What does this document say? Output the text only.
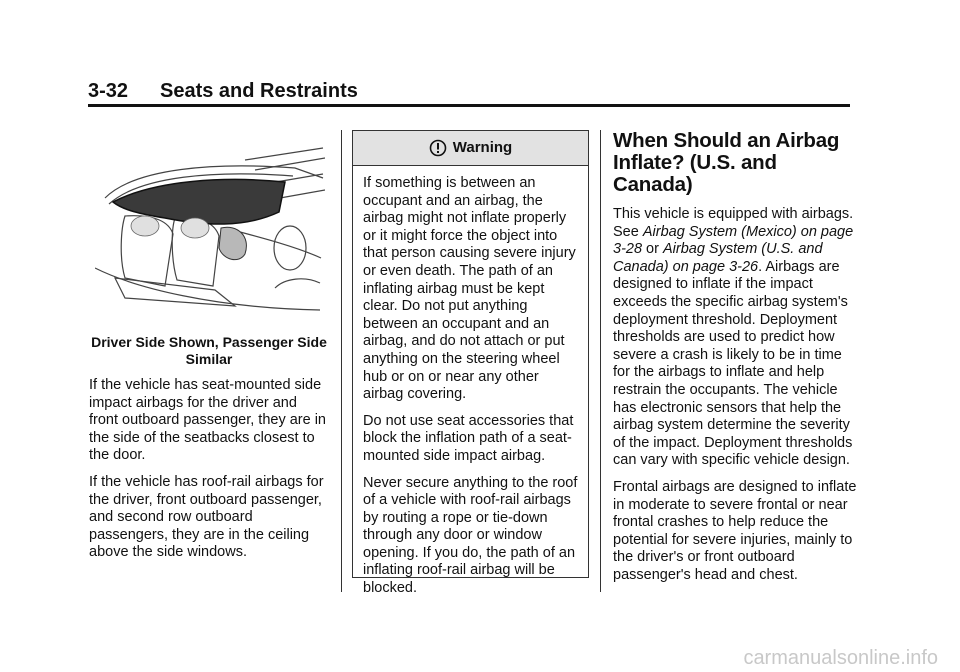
3-32 Seats and Restraints

Driver Side Shown, Passenger Side Similar

If the vehicle has seat-mounted side impact airbags for the driver and front outboard passenger, they are in the side of the seatbacks closest to the door.

If the vehicle has roof-rail airbags for the driver, front outboard passenger, and second row outboard passengers, they are in the ceiling above the side windows.

Warning

If something is between an occupant and an airbag, the airbag might not inflate properly or it might force the object into that person causing severe injury or even death. The path of an inflating airbag must be kept clear. Do not put anything between an occupant and an airbag, and do not attach or put anything on the steering wheel hub or on or near any other airbag covering.

Do not use seat accessories that block the inflation path of a seat-mounted side impact airbag.

Never secure anything to the roof of a vehicle with roof-rail airbags by routing a rope or tie-down through any door or window opening. If you do, the path of an inflating roof-rail airbag will be blocked.

When Should an Airbag Inflate? (U.S. and Canada)

This vehicle is equipped with airbags. See Airbag System (Mexico) on page 3-28 or Airbag System (U.S. and Canada) on page 3-26. Airbags are designed to inflate if the impact exceeds the specific airbag system's deployment threshold. Deployment thresholds are used to predict how severe a crash is likely to be in time for the airbags to inflate and help restrain the occupants. The vehicle has electronic sensors that help the airbag system determine the severity of the impact. Deployment thresholds can vary with specific vehicle design.

Frontal airbags are designed to inflate in moderate to severe frontal or near frontal crashes to help reduce the potential for severe injuries, mainly to the driver's or front outboard passenger's head and chest.

carmanualsonline.info
